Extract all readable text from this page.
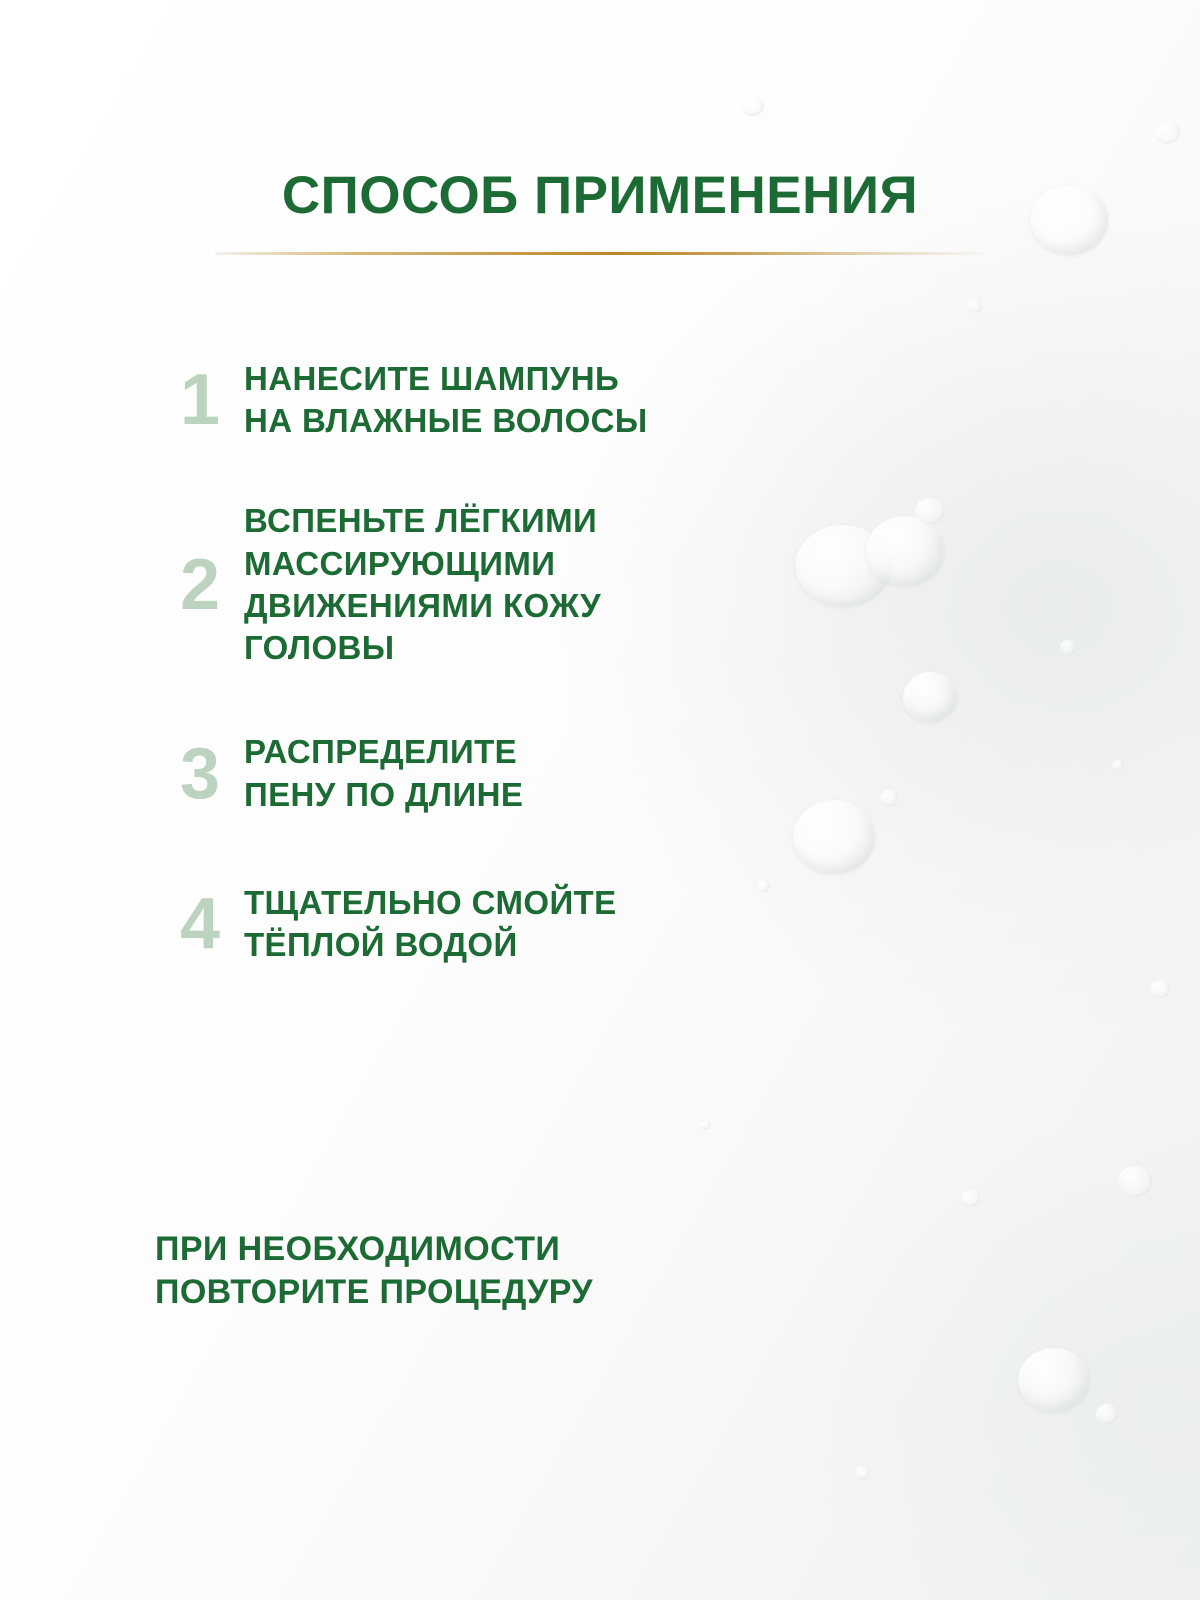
СПОСОБ ПРИМЕНЕНИЯ
1 НАНЕСИТЕ ШАМПУНЬ
НА ВЛАЖНЫЕ ВОЛОСЫ
2
ВСПЕНЬТЕ ЛЁГКИМИ
МАССИРУЮЩИМИ
ДВИЖЕНИЯМИ КОЖУ
ГОЛОВЫ
3 РАСПРЕДЕЛИТЕ
ПЕНУ ПО ДЛИНЕ
4 ТЩАТЕЛЬНО СМОЙТЕ
ТЁПЛОЙ ВОДОЙ
ПРИ НЕОБХОДИМОСТИ
ПОВТОРИТЕ ПРОЦЕДУРУ
